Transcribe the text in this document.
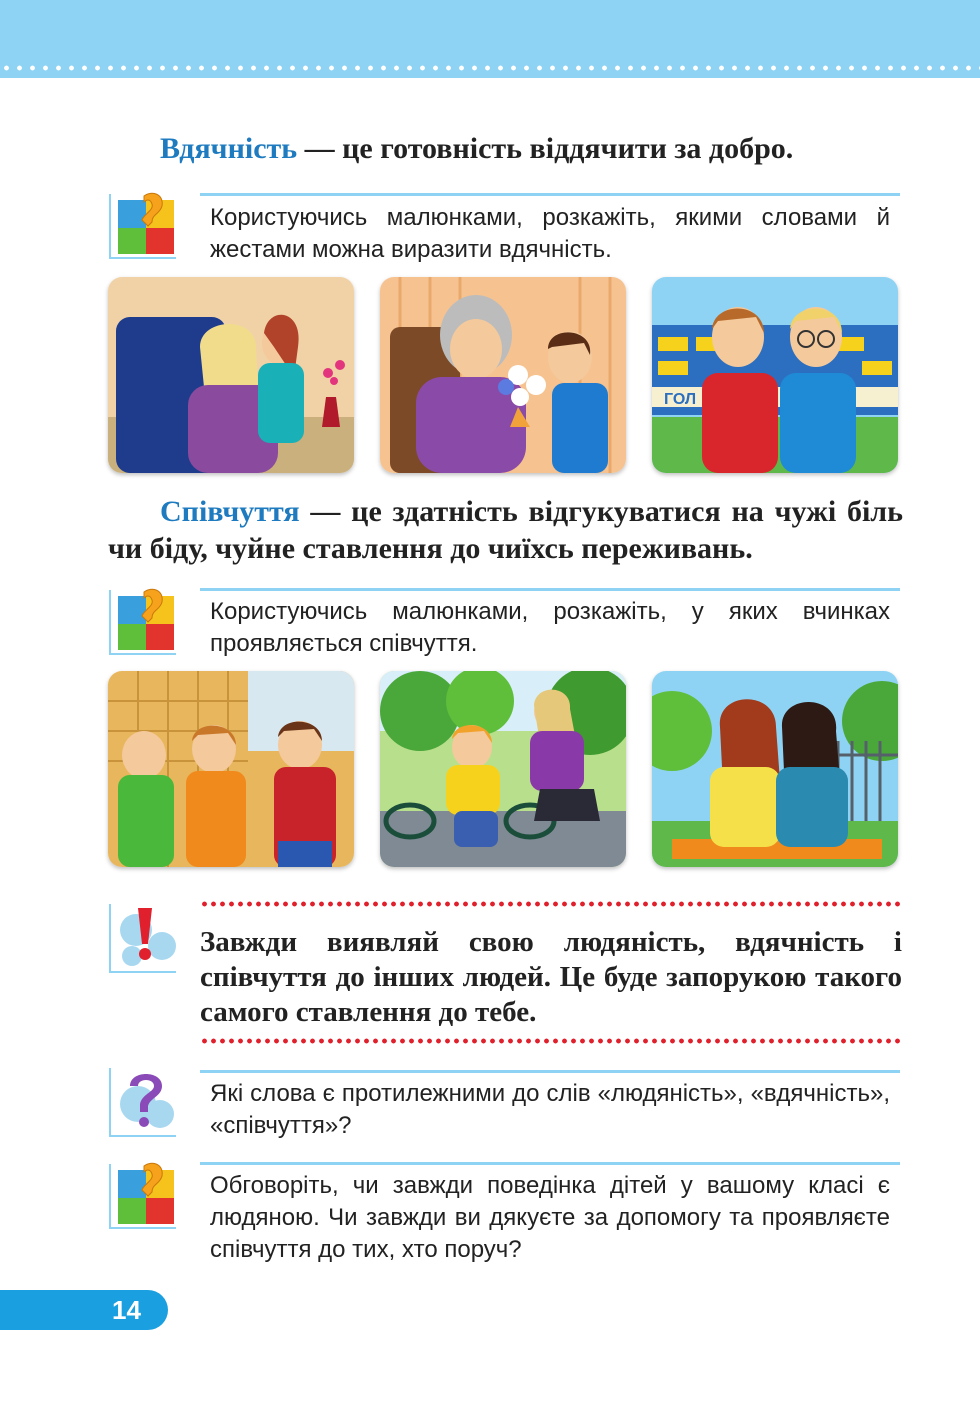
Вдячність — це готовність віддячити за добро.

Користуючись малюнками, розкажіть, якими словами й жестами можна виразити вдячність.

ГОЛ

Співчуття — це здатність відгукуватися на чужі біль чи біду, чуйне ставлення до чиїхсь переживань.

Користуючись малюнками, розкажіть, у яких вчинках проявляється співчуття.

Завжди виявляй свою людяність, вдячність і співчуття до інших людей. Це буде запорукою такого самого ставлення до тебе.

Які слова є протилежними до слів «людяність», «вдячність», «співчуття»?

Обговоріть, чи завжди поведінка дітей у вашому класі є людяною. Чи завжди ви дякуєте за допомогу та проявляєте співчуття до тих, хто поруч?

14
